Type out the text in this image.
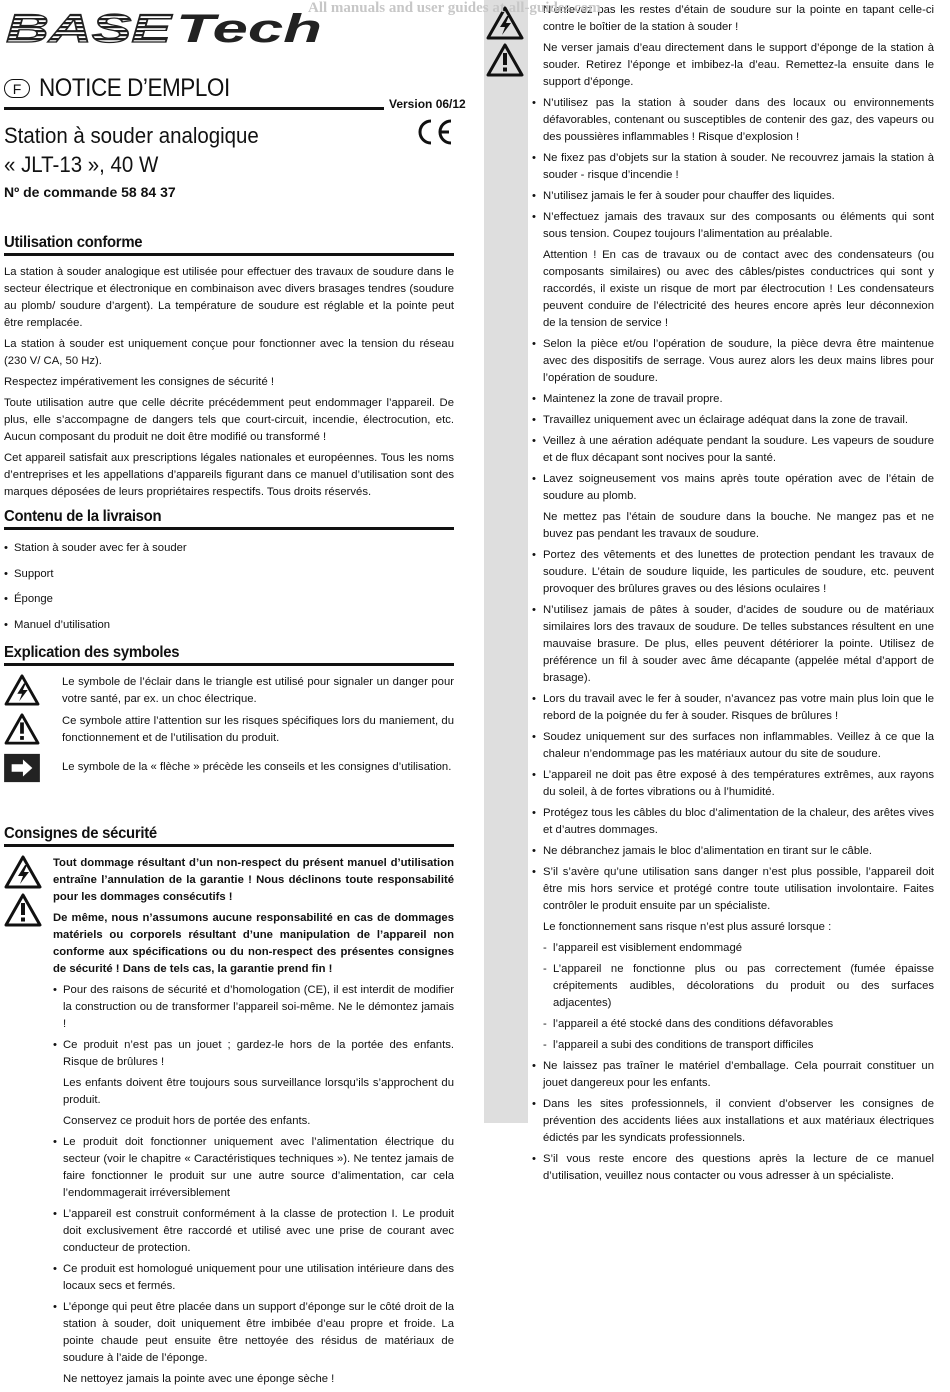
All manuals and user guides at all-guides.com
BASE Tech
F NOTICE D’EMPLOI
Version 06/12
Station à souder analogique
« JLT-13 », 40 W
Nº de commande 58 84 37
Utilisation conforme
La station à souder analogique est utilisée pour effectuer des travaux de soudure dans le secteur électrique et électronique en combinaison avec divers brasages tendres (soudure au plomb/ soudure d’argent). La température de soudure est réglable et la pointe peut être remplacée.
La station à souder est uniquement conçue pour fonctionner avec la tension du réseau (230 V/ CA, 50 Hz).
Respectez impérativement les consignes de sécurité !
Toute utilisation autre que celle décrite précédemment peut endommager l’appareil. De plus, elle s’accompagne de dangers tels que court-circuit, incendie, électrocution, etc. Aucun composant du produit ne doit être modifié ou transformé !
Cet appareil satisfait aux prescriptions légales nationales et européennes. Tous les noms d’entreprises et les appellations d’appareils figurant dans ce manuel d’utilisation sont des marques déposées de leurs propriétaires respectifs. Tous droits réservés.
Contenu de la livraison
• Station à souder avec fer à souder
• Support
• Éponge
• Manuel d’utilisation
Explication des symboles
Le symbole de l’éclair dans le triangle est utilisé pour signaler un danger pour votre santé, par ex. un choc électrique.
Ce symbole attire l’attention sur les risques spécifiques lors du maniement, du fonctionnement et de l’utilisation du produit.
Le symbole de la « flèche » précède les conseils et les consignes d’utilisation.
Consignes de sécurité
Tout dommage résultant d’un non-respect du présent manuel d’utilisation entraîne l’annulation de la garantie ! Nous déclinons toute responsabilité pour les dommages consécutifs !
De même, nous n’assumons aucune responsabilité en cas de dommages matériels ou corporels résultant d’une manipulation de l’appareil non conforme aux spécifications ou du non-respect des présentes consignes de sécurité ! Dans de tels cas, la garantie prend fin !
• Pour des raisons de sécurité et d’homologation (CE), il est interdit de modifier la construction ou de transformer l’appareil soi-même. Ne le démontez jamais !
• Ce produit n’est pas un jouet ; gardez-le hors de la portée des enfants. Risque de brûlures !
Les enfants doivent être toujours sous surveillance lorsqu’ils s’approchent du produit.
Conservez ce produit hors de portée des enfants.
• Le produit doit fonctionner uniquement avec l’alimentation électrique du secteur (voir le chapitre « Caractéristiques techniques »). Ne tentez jamais de faire fonctionner le produit sur une autre source d’alimentation, car cela l’endommagerait irréversiblement
• L’appareil est construit conformément à la classe de protection I. Le produit doit exclusivement être raccordé et utilisé avec une prise de courant avec conducteur de protection.
• Ce produit est homologué uniquement pour une utilisation intérieure dans des locaux secs et fermés.
• L’éponge qui peut être placée dans un support d’éponge sur le côté droit de la station à souder, doit uniquement être imbibée d’eau propre et froide. La pointe chaude peut ensuite être nettoyée des résidus de matériaux de soudure à l’aide de l’éponge.
Ne nettoyez jamais la pointe avec une éponge sèche !
N’enlevez pas les restes d’étain de soudure sur la pointe en tapant celle-ci contre le boîtier de la station à souder !
Ne verser jamais d’eau directement dans le support d’éponge de la station à souder. Retirez l’éponge et imbibez-la d’eau. Remettez-la ensuite dans le support d’éponge.
• N’utilisez pas la station à souder dans des locaux ou environnements défavorables, contenant ou susceptibles de contenir des gaz, des vapeurs ou des poussières inflammables ! Risque d’explosion !
• Ne fixez pas d’objets sur la station à souder. Ne recouvrez jamais la station à souder - risque d’incendie !
• N’utilisez jamais le fer à souder pour chauffer des liquides.
• N’effectuez jamais des travaux sur des composants ou éléments qui sont sous tension. Coupez toujours l’alimentation au préalable.
Attention ! En cas de travaux ou de contact avec des condensateurs (ou composants similaires) ou avec des câbles/pistes conductrices qui sont y raccordés, il existe un risque de mort par électrocution ! Les condensateurs peuvent conduire de l’électricité des heures encore après leur déconnexion de la tension de service !
• Selon la pièce et/ou l’opération de soudure, la pièce devra être maintenue avec des dispositifs de serrage. Vous aurez alors les deux mains libres pour l’opération de soudure.
• Maintenez la zone de travail propre.
• Travaillez uniquement avec un éclairage adéquat dans la zone de travail.
• Veillez à une aération adéquate pendant la soudure. Les vapeurs de soudure et de flux décapant sont nocives pour la santé.
• Lavez soigneusement vos mains après toute opération avec de l’étain de soudure au plomb.
Ne mettez pas l’étain de soudure dans la bouche. Ne mangez pas et ne buvez pas pendant les travaux de soudure.
• Portez des vêtements et des lunettes de protection pendant les travaux de soudure. L’étain de soudure liquide, les particules de soudure, etc. peuvent provoquer des brûlures graves ou des lésions oculaires !
• N’utilisez jamais de pâtes à souder, d’acides de soudure ou de matériaux similaires lors des travaux de soudure. De telles substances résultent en une mauvaise brasure. De plus, elles peuvent détériorer la pointe. Utilisez de préférence un fil à souder avec âme décapante (appelée métal d’apport de brasage).
• Lors du travail avec le fer à souder, n’avancez pas votre main plus loin que le rebord de la poignée du fer à souder. Risques de brûlures !
• Soudez uniquement sur des surfaces non inflammables. Veillez à ce que la chaleur n’endommage pas les matériaux autour du site de soudure.
• L’appareil ne doit pas être exposé à des températures extrêmes, aux rayons du soleil, à de fortes vibrations ou à l’humidité.
• Protégez tous les câbles du bloc d’alimentation de la chaleur, des arêtes vives et d’autres dommages.
• Ne débranchez jamais le bloc d’alimentation en tirant sur le câble.
• S’il s’avère qu’une utilisation sans danger n’est plus possible, l’appareil doit être mis hors service et protégé contre toute utilisation involontaire. Faites contrôler le produit ensuite par un spécialiste.
Le fonctionnement sans risque n’est plus assuré lorsque :
- l’appareil est visiblement endommagé
- L’appareil ne fonctionne plus ou pas correctement (fumée épaisse crépitements audibles, décolorations du produit ou des surfaces adjacentes)
- l’appareil a été stocké dans des conditions défavorables
- l’appareil a subi des conditions de transport difficiles
• Ne laissez pas traîner le matériel d’emballage. Cela pourrait constituer un jouet dangereux pour les enfants.
• Dans les sites professionnels, il convient d’observer les consignes de prévention des accidents liées aux installations et aux matériaux électriques édictés par les syndicats professionnels.
• S’il vous reste encore des questions après la lecture de ce manuel d’utilisation, veuillez nous contacter ou vous adresser à un spécialiste.
